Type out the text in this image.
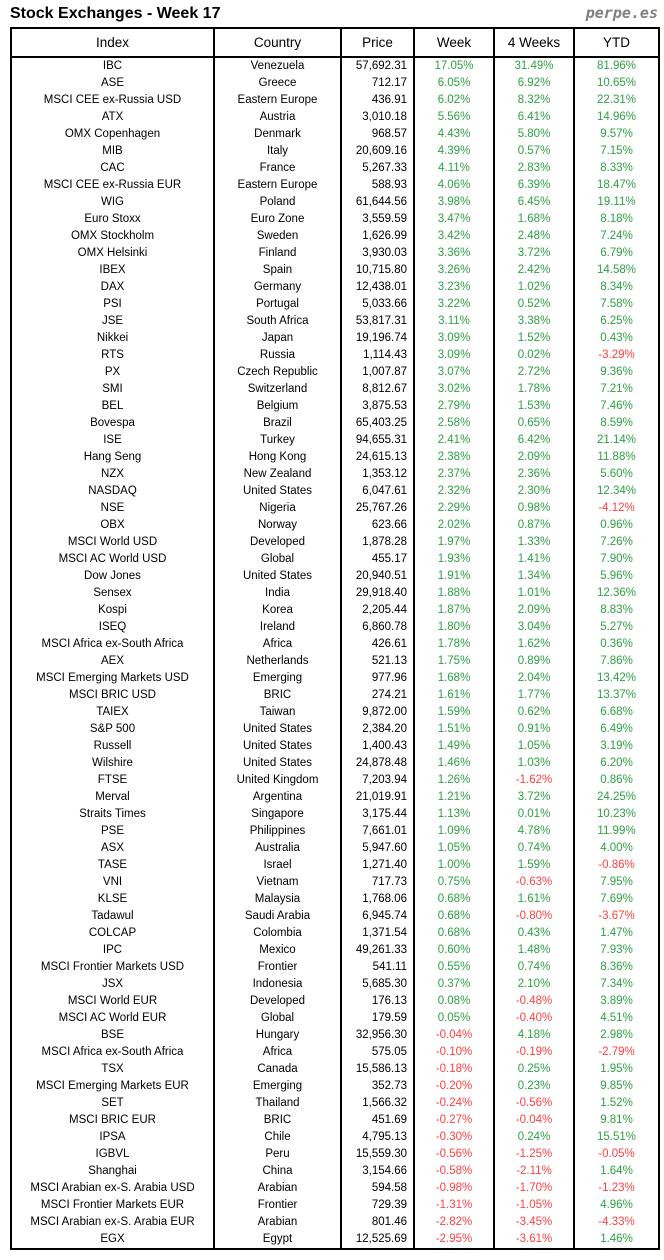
Stock Exchanges - Week 17	perpe.es
Index	Country	Price	Week	4 Weeks	YTD
IBC	Venezuela	57,692.31	17.05%	31.49%	81.96%
ASE	Greece	712.17	6.05%	6.92%	10.65%
MSCI CEE ex-Russia USD	Eastern Europe	436.91	6.02%	8.32%	22.31%
ATX	Austria	3,010.18	5.56%	6.41%	14.96%
OMX Copenhagen	Denmark	968.57	4.43%	5.80%	9.57%
MIB	Italy	20,609.16	4.39%	0.57%	7.15%
CAC	France	5,267.33	4.11%	2.83%	8.33%
MSCI CEE ex-Russia EUR	Eastern Europe	588.93	4.06%	6.39%	18.47%
WIG	Poland	61,644.56	3.98%	6.45%	19.11%
Euro Stoxx	Euro Zone	3,559.59	3.47%	1.68%	8.18%
OMX Stockholm	Sweden	1,626.99	3.42%	2.48%	7.24%
OMX Helsinki	Finland	3,930.03	3.36%	3.72%	6.79%
IBEX	Spain	10,715.80	3.26%	2.42%	14.58%
DAX	Germany	12,438.01	3.23%	1.02%	8.34%
PSI	Portugal	5,033.66	3.22%	0.52%	7.58%
JSE	South Africa	53,817.31	3.11%	3.38%	6.25%
Nikkei	Japan	19,196.74	3.09%	1.52%	0.43%
RTS	Russia	1,114.43	3.09%	0.02%	-3.29%
PX	Czech Republic	1,007.87	3.07%	2.72%	9.36%
SMI	Switzerland	8,812.67	3.02%	1.78%	7.21%
BEL	Belgium	3,875.53	2.79%	1.53%	7.46%
Bovespa	Brazil	65,403.25	2.58%	0.65%	8.59%
ISE	Turkey	94,655.31	2.41%	6.42%	21.14%
Hang Seng	Hong Kong	24,615.13	2.38%	2.09%	11.88%
NZX	New Zealand	1,353.12	2.37%	2.36%	5.60%
NASDAQ	United States	6,047.61	2.32%	2.30%	12.34%
NSE	Nigeria	25,767.26	2.29%	0.98%	-4.12%
OBX	Norway	623.66	2.02%	0.87%	0.96%
MSCI World USD	Developed	1,878.28	1.97%	1.33%	7.26%
MSCI AC World USD	Global	455.17	1.93%	1.41%	7.90%
Dow Jones	United States	20,940.51	1.91%	1.34%	5.96%
Sensex	India	29,918.40	1.88%	1.01%	12.36%
Kospi	Korea	2,205.44	1.87%	2.09%	8.83%
ISEQ	Ireland	6,860.78	1.80%	3.04%	5.27%
MSCI Africa ex-South Africa	Africa	426.61	1.78%	1.62%	0.36%
AEX	Netherlands	521.13	1.75%	0.89%	7.86%
MSCI Emerging Markets USD	Emerging	977.96	1.68%	2.04%	13.42%
MSCI BRIC USD	BRIC	274.21	1.61%	1.77%	13.37%
TAIEX	Taiwan	9,872.00	1.59%	0.62%	6.68%
S&P 500	United States	2,384.20	1.51%	0.91%	6.49%
Russell	United States	1,400.43	1.49%	1.05%	3.19%
Wilshire	United States	24,878.48	1.46%	1.03%	6.20%
FTSE	United Kingdom	7,203.94	1.26%	-1.62%	0.86%
Merval	Argentina	21,019.91	1.21%	3.72%	24.25%
Straits Times	Singapore	3,175.44	1.13%	0.01%	10.23%
PSE	Philippines	7,661.01	1.09%	4.78%	11.99%
ASX	Australia	5,947.60	1.05%	0.74%	4.00%
TASE	Israel	1,271.40	1.00%	1.59%	-0.86%
VNI	Vietnam	717.73	0.75%	-0.63%	7.95%
KLSE	Malaysia	1,768.06	0.68%	1.61%	7.69%
Tadawul	Saudi Arabia	6,945.74	0.68%	-0.80%	-3.67%
COLCAP	Colombia	1,371.54	0.68%	0.43%	1.47%
IPC	Mexico	49,261.33	0.60%	1.48%	7.93%
MSCI Frontier Markets USD	Frontier	541.11	0.55%	0.74%	8.36%
JSX	Indonesia	5,685.30	0.37%	2.10%	7.34%
MSCI World EUR	Developed	176.13	0.08%	-0.48%	3.89%
MSCI AC World EUR	Global	179.59	0.05%	-0.40%	4.51%
BSE	Hungary	32,956.30	-0.04%	4.18%	2.98%
MSCI Africa ex-South Africa	Africa	575.05	-0.10%	-0.19%	-2.79%
TSX	Canada	15,586.13	-0.18%	0.25%	1.95%
MSCI Emerging Markets EUR	Emerging	352.73	-0.20%	0.23%	9.85%
SET	Thailand	1,566.32	-0.24%	-0.56%	1.52%
MSCI BRIC EUR	BRIC	451.69	-0.27%	-0.04%	9.81%
IPSA	Chile	4,795.13	-0.30%	0.24%	15.51%
IGBVL	Peru	15,559.30	-0.56%	-1.25%	-0.05%
Shanghai	China	3,154.66	-0.58%	-2.11%	1.64%
MSCI Arabian ex-S. Arabia USD	Arabian	594.58	-0.98%	-1.70%	-1.23%
MSCI Frontier Markets EUR	Frontier	729.39	-1.31%	-1.05%	4.96%
MSCI Arabian ex-S. Arabia EUR	Arabian	801.46	-2.82%	-3.45%	-4.33%
EGX	Egypt	12,525.69	-2.95%	-3.61%	1.46%
